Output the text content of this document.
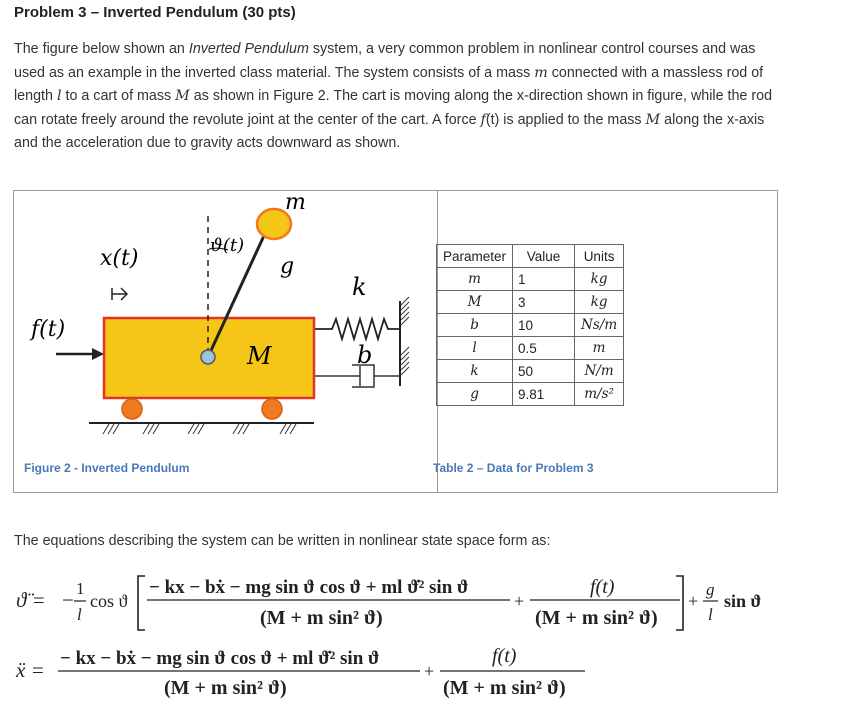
Problem 3 – Inverted Pendulum (30 pts)
The figure below shown an Inverted Pendulum system, a very common problem in nonlinear control courses and was used as an example in the inverted class material. The system consists of a mass m connected with a massless rod of length l to a cart of mass M as shown in Figure 2. The cart is moving along the x-direction shown in figure, while the rod can rotate freely around the revolute joint at the center of the cart. A force f(t) is applied to the mass M along the x-axis and the acceleration due to gravity acts downward as shown.
m
g
k
b
M
x(t)
ϑ(t)
f(t)
Parameter	Value	Units
m	1	kg
M	3	kg
b	10	Ns/m
l	0.5	m
k	50	N/m
g	9.81	m/s²
Figure 2 - Inverted Pendulum	Table 2 – Data for Problem 3
The equations describing the system can be written in nonlinear state space form as:
ϑ̈ = − 1
l
cos ϑ
− kx − bẋ − mg sin ϑ cos ϑ + ml ϑ̇² sin ϑ
(M + m sin² ϑ)
+
f(t)
(M + m sin² ϑ)
+
g
l
sin ϑ
ẍ = − kx − bẋ − mg sin ϑ cos ϑ + ml ϑ̇² sin ϑ
(M + m sin² ϑ)
+
f(t)
(M + m sin² ϑ)
